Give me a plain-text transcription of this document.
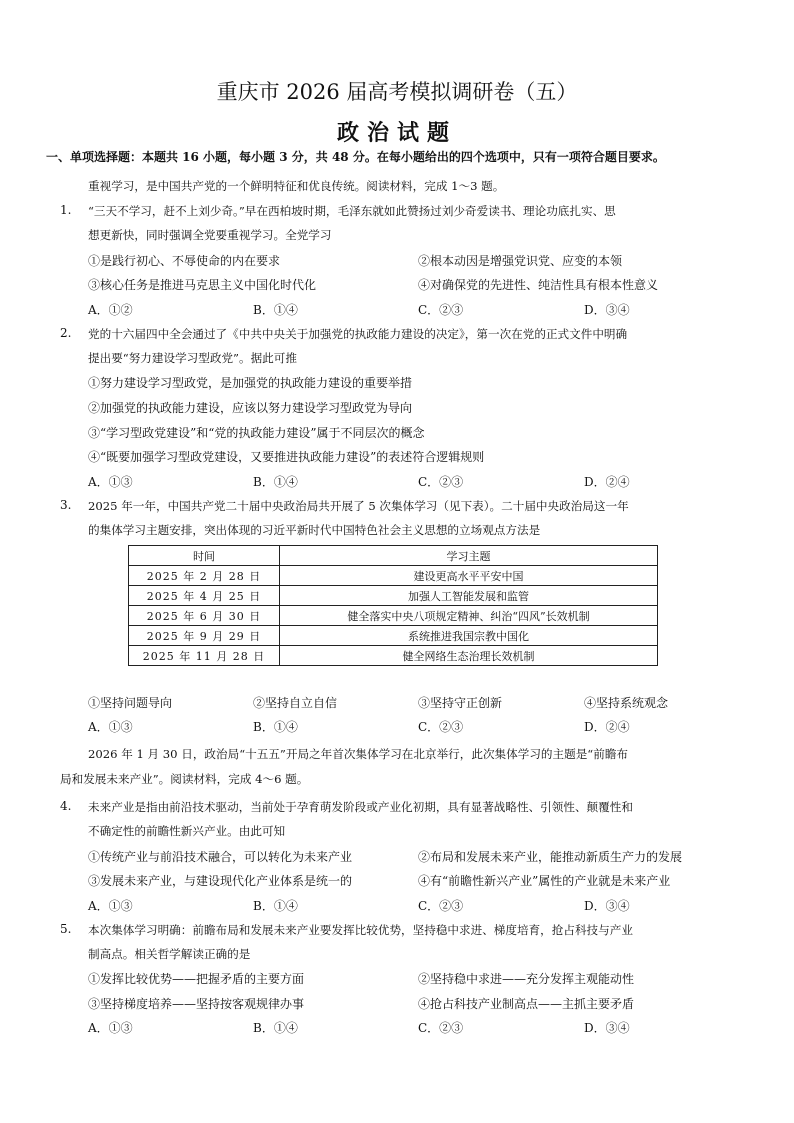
重庆市 2026 届高考模拟调研卷（五）
政治试题
一、单项选择题：本题共 16 小题，每小题 3 分，共 48 分。在每小题给出的四个选项中，只有一项符合题目要求。
重视学习，是中国共产党的一个鲜明特征和优良传统。阅读材料，完成 1～3 题。
1. “三天不学习，赶不上刘少奇。”早在西柏坡时期，毛泽东就如此赞扬过刘少奇爱读书、理论功底扎实、思
想更新快，同时强调全党要重视学习。全党学习
①是践行初心、不辱使命的内在要求	②根本动因是增强党识党、应变的本领
③核心任务是推进马克思主义中国化时代化	④对确保党的先进性、纯洁性具有根本性意义
A．①②	B．①④	C．②③	D．③④
2. 党的十六届四中全会通过了《中共中央关于加强党的执政能力建设的决定》，第一次在党的正式文件中明确
提出要“努力建设学习型政党”。据此可推
①努力建设学习型政党，是加强党的执政能力建设的重要举措
②加强党的执政能力建设，应该以努力建设学习型政党为导向
③“学习型政党建设”和“党的执政能力建设”属于不同层次的概念
④“既要加强学习型政党建设，又要推进执政能力建设”的表述符合逻辑规则
A．①③	B．①④	C．②③	D．②④
3. 2025 年一年，中国共产党二十届中央政治局共开展了 5 次集体学习（见下表）。二十届中央政治局这一年
的集体学习主题安排，突出体现的习近平新时代中国特色社会主义思想的立场观点方法是
时间	学习主题
2025 年 2 月 28 日	建设更高水平平安中国
2025 年 4 月 25 日	加强人工智能发展和监管
2025 年 6 月 30 日	健全落实中央八项规定精神、纠治“四风”长效机制
2025 年 9 月 29 日	系统推进我国宗教中国化
2025 年 11 月 28 日	健全网络生态治理长效机制
①坚持问题导向	②坚持自立自信	③坚持守正创新	④坚持系统观念
A．①③	B．①④	C．②③	D．②④
2026 年 1 月 30 日，政治局“十五五”开局之年首次集体学习在北京举行，此次集体学习的主题是“前瞻布
局和发展未来产业”。阅读材料，完成 4～6 题。
4. 未来产业是指由前沿技术驱动，当前处于孕育萌发阶段或产业化初期，具有显著战略性、引领性、颠覆性和
不确定性的前瞻性新兴产业。由此可知
①传统产业与前沿技术融合，可以转化为未来产业	②布局和发展未来产业，能推动新质生产力的发展
③发展未来产业，与建设现代化产业体系是统一的	④有“前瞻性新兴产业”属性的产业就是未来产业
A．①③	B．①④	C．②③	D．③④
5. 本次集体学习明确：前瞻布局和发展未来产业要发挥比较优势，坚持稳中求进、梯度培育，抢占科技与产业
制高点。相关哲学解读正确的是
①发挥比较优势——把握矛盾的主要方面	②坚持稳中求进——充分发挥主观能动性
③坚持梯度培养——坚持按客观规律办事	④抢占科技产业制高点——主抓主要矛盾
A．①③	B．①④	C．②③	D．③④
